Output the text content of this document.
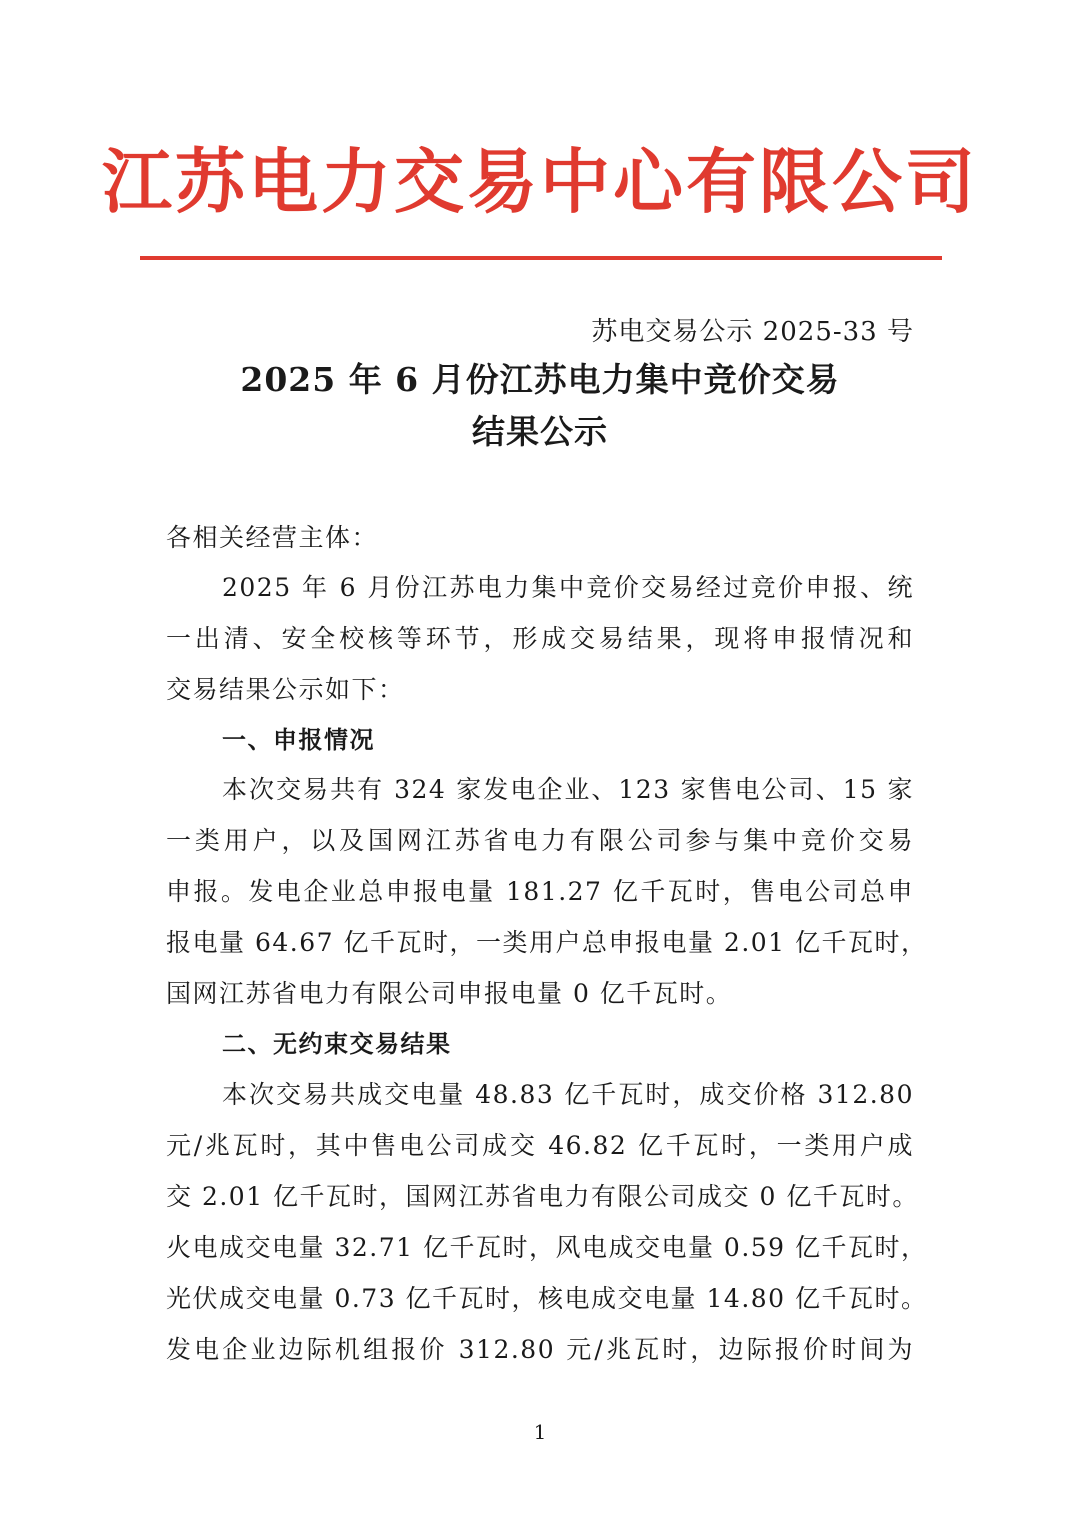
江苏电力交易中心有限公司
苏电交易公示 2025-33 号
2025 年 6 月份江苏电力集中竞价交易
结果公示
各相关经营主体：
2025 年 6 月份江苏电力集中竞价交易经过竞价申报、统
一出清、安全校核等环节，形成交易结果，现将申报情况和
交易结果公示如下：
一、申报情况
本次交易共有 324 家发电企业、123 家售电公司、15 家
一类用户，以及国网江苏省电力有限公司参与集中竞价交易
申报。发电企业总申报电量 181.27 亿千瓦时，售电公司总申
报电量 64.67 亿千瓦时，一类用户总申报电量 2.01 亿千瓦时，
国网江苏省电力有限公司申报电量 0 亿千瓦时。
二、无约束交易结果
本次交易共成交电量 48.83 亿千瓦时，成交价格 312.80
元/兆瓦时，其中售电公司成交 46.82 亿千瓦时，一类用户成
交 2.01 亿千瓦时，国网江苏省电力有限公司成交 0 亿千瓦时。
火电成交电量 32.71 亿千瓦时，风电成交电量 0.59 亿千瓦时，
光伏成交电量 0.73 亿千瓦时，核电成交电量 14.80 亿千瓦时。
发电企业边际机组报价 312.80 元/兆瓦时，边际报价时间为
1
